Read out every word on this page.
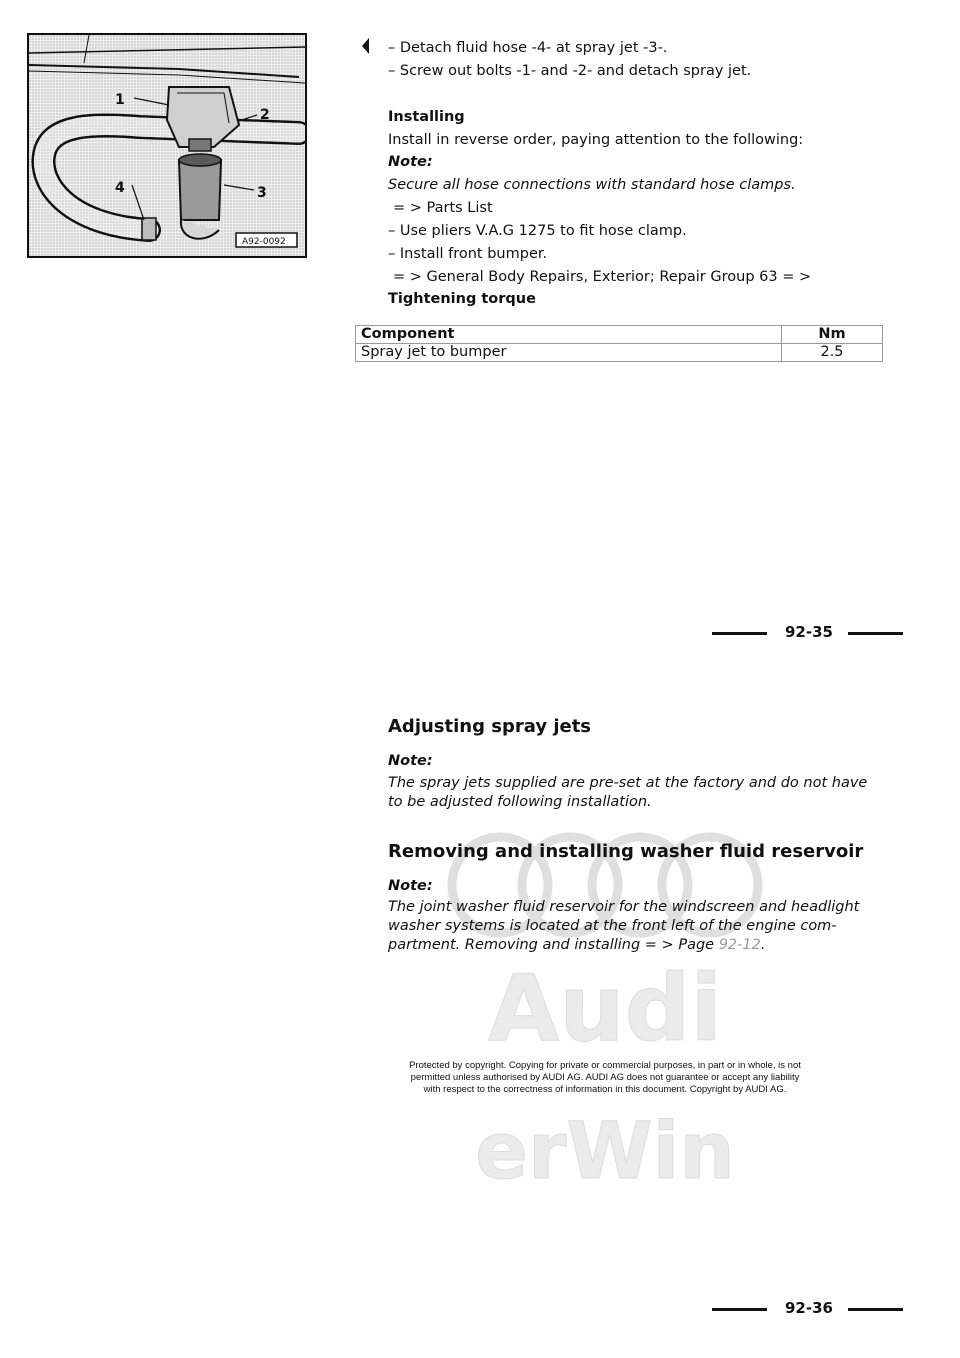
1
2
3
4
A92-0092
– Detach fluid hose -4- at spray jet -3-.
– Screw out bolts -1- and -2- and detach spray jet.
Installing
Install in reverse order, paying attention to the following:
Note:
Secure all hose connections with standard hose clamps.
= > Parts List
– Use pliers V.A.G 1275 to fit hose clamp.
– Install front bumper.
= > General Body Repairs, Exterior; Repair Group 63 = >
Tightening torque
Component	Nm
Spray jet to bumper	2.5
92-35
Audi
erWin
Adjusting spray jets
Note:
The spray jets supplied are pre-set at the factory and do not have
to be adjusted following installation.
Removing and installing washer fluid reservoir
Note:
The joint washer fluid reservoir for the windscreen and headlight
washer systems is located at the front left of the engine com-
partment. Removing and installing = > Page 92-12.
Protected by copyright. Copying for private or commercial purposes, in part or in whole, is not
permitted unless authorised by AUDI AG. AUDI AG does not guarantee or accept any liability
with respect to the correctness of information in this document. Copyright by AUDI AG.
92-36
